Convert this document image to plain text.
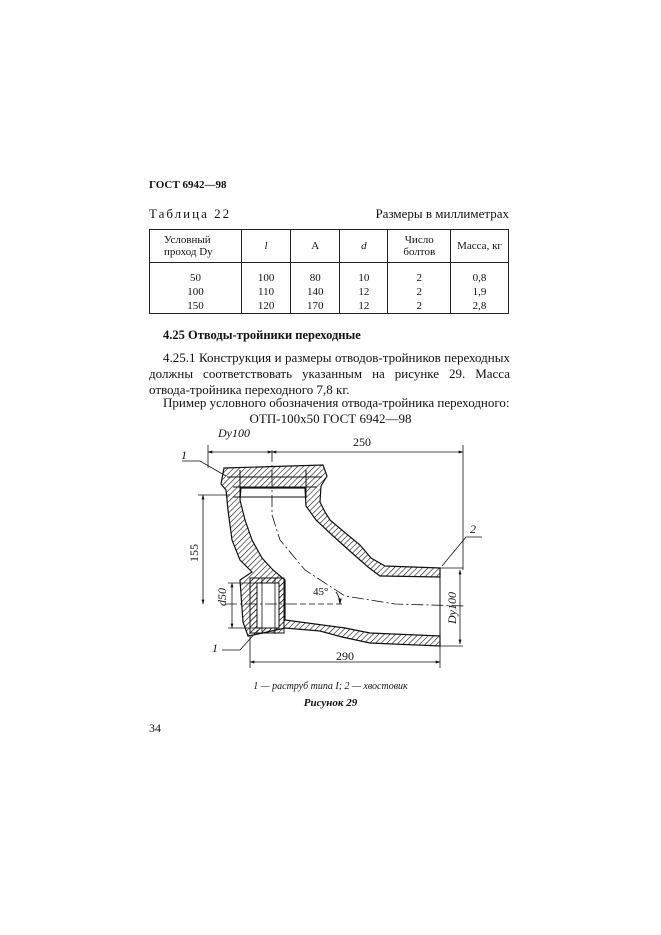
ГОСТ 6942—98
Таблица 22	Размеры в миллиметрах
Условный проход Dy	l	A	d	Число болтов	Масса, кг

50	100	80	10	2	0,8
100	110	140	12	2	1,9
150	120	170	12	2	2,8
4.25 Отводы-тройники переходные
4.25.1 Конструкция и размеры отводов-тройников переходных должны соответствовать указанным на рисунке 29. Масса отвода-тройника переходного 7,8 кг.
Пример условного обозначения отвода-тройника переходного:
ОТП-100х50 ГОСТ 6942—98
Dy100
250
155
d50	Dy100
290
45°
1
2
1
1 — раструб типа I; 2 — хвостовик
Рисунок 29
34
